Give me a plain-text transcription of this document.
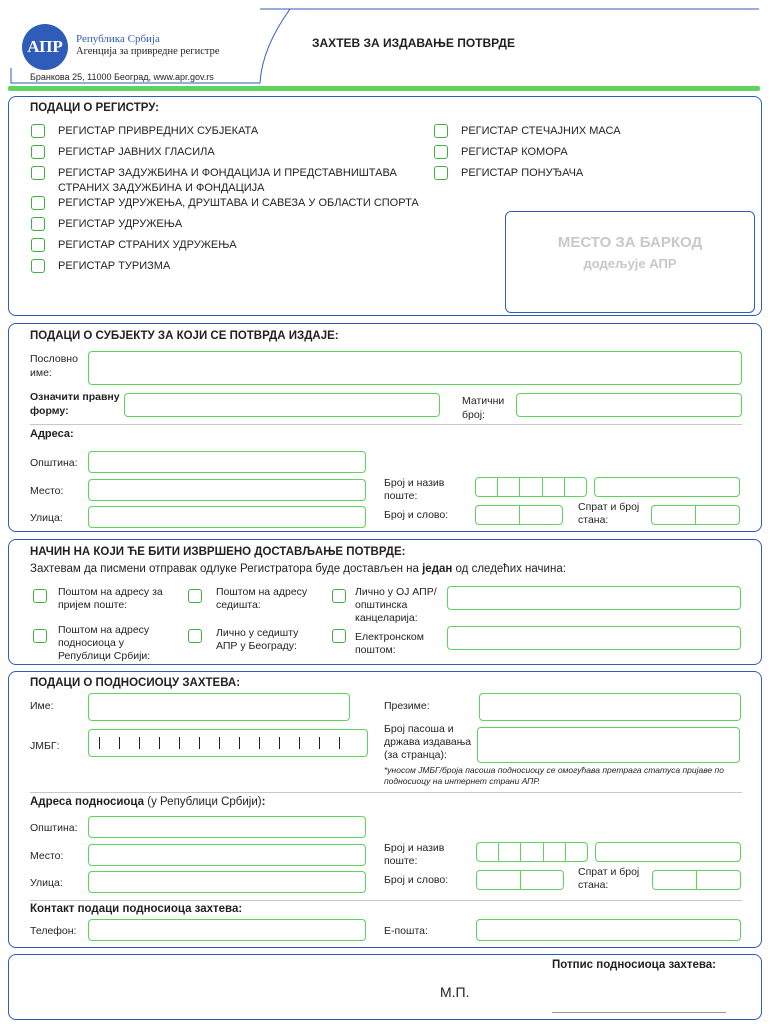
АПР	Република Србија
Агенција за привредне регистре
ЗАХТЕВ ЗА ИЗДАВАЊЕ ПОТВРДЕ
Бранкова 25, 11000 Београд, www.apr.gov.rs
ПОДАЦИ О РЕГИСТРУ:
РЕГИСТАР ПРИВРЕДНИХ СУБЈЕКАТА
РЕГИСТАР ЈАВНИХ ГЛАСИЛА
РЕГИСТАР ЗАДУЖБИНА И ФОНДАЦИЈА И ПРЕДСТАВНИШТАВА СТРАНИХ ЗАДУЖБИНА И ФОНДАЦИЈА
РЕГИСТАР УДРУЖЕЊА, ДРУШТАВА И САВЕЗА У ОБЛАСТИ СПОРТА
РЕГИСТАР УДРУЖЕЊА
РЕГИСТАР СТРАНИХ УДРУЖЕЊА
РЕГИСТАР ТУРИЗМА
РЕГИСТАР СТЕЧАЈНИХ МАСА
РЕГИСТАР КОМОРА
РЕГИСТАР ПОНУЂАЧА
МЕСТО ЗА БАРКОД
додељује АПР
ПОДАЦИ О СУБЈЕКТУ ЗА КОЈИ СЕ ПОТВРДА ИЗДАЈЕ:
Пословно име:
Означити правну форму:
Матични број:
Адреса:
Општина:
Место:
Улица:
Број и назив поште:
Број и слово:
Спрат и број стана:
НАЧИН НА КОЈИ ЋЕ БИТИ ИЗВРШЕНО ДОСТАВЉАЊЕ ПОТВРДЕ:
Захтевам да писмени отправак одлуке Регистратора буде достављен на један од следећих начина:
Поштом на адресу за пријем поште:
Поштом на адресу седишта:
Лично у ОЈ АПР/ општинска канцеларија:
Поштом на адресу подносиоца у Републици Србији:
Лично у седишту АПР у Београду:
Електронском поштом:
ПОДАЦИ О ПОДНОСИОЦУ ЗАХТЕВА:
Име:	Презиме:
ЈМБГ:
Број пасоша и држава издавања (за странца):
*уносом ЈМБГ/броја пасоша подносиоцу се омогућава претрага статуса пријаве по подносиоцу на интернет страни АПР.
Адреса подносиоца (у Републици Србији):
Општина:
Место:
Улица:
Број и назив поште:
Број и слово:
Спрат и број стана:
Контакт подаци подносиоца захтева:
Телефон:	Е-пошта:
Потпис подносиоца захтева:
М.П.
